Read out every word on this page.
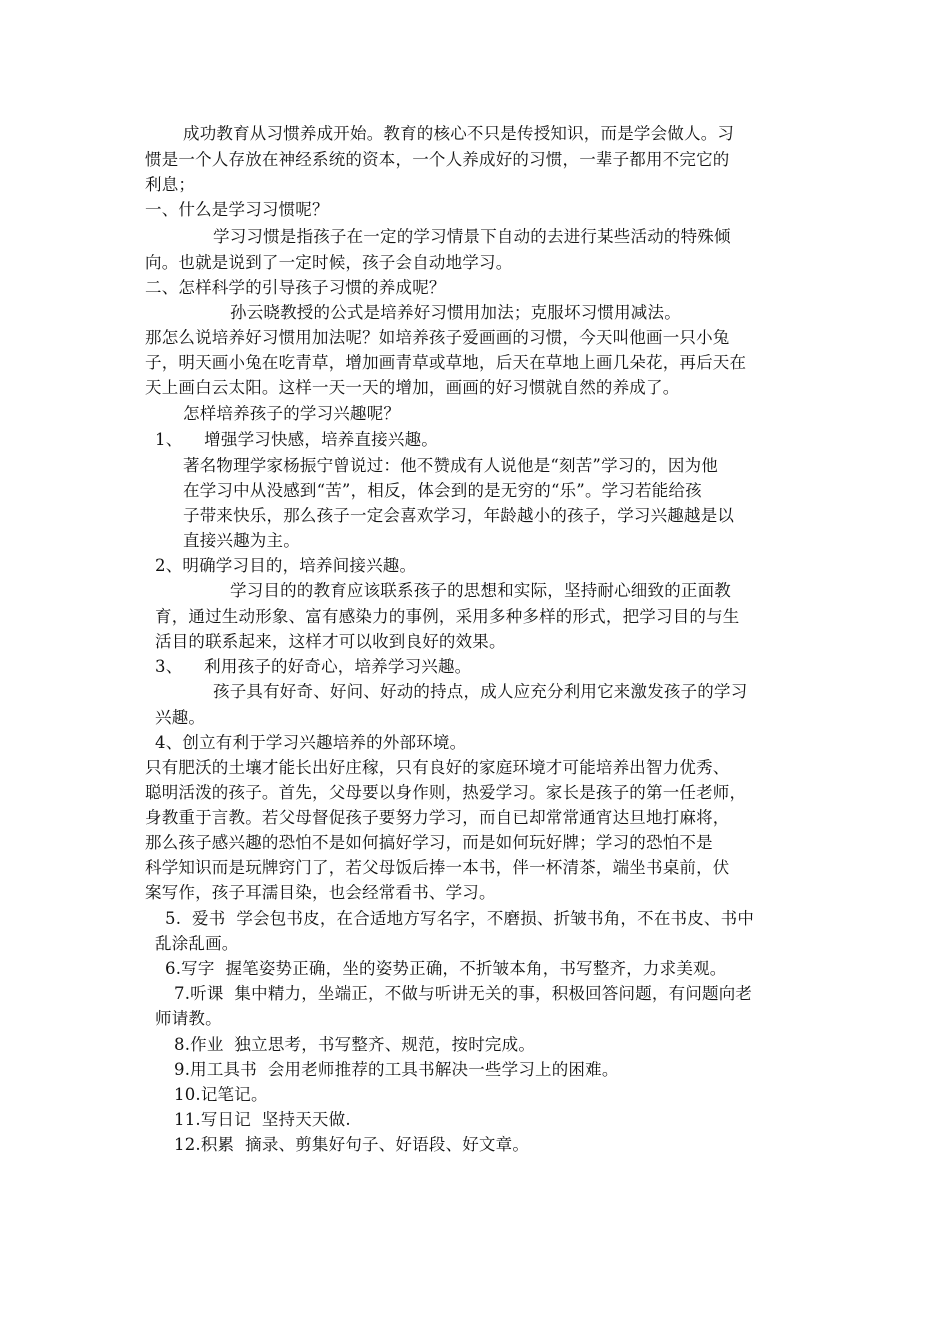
成功教育从习惯养成开始。教育的核心不只是传授知识，而是学会做人。习
惯是一个人存放在神经系统的资本，一个人养成好的习惯，一辈子都用不完它的
利息；
一、什么是学习习惯呢？
学习习惯是指孩子在一定的学习情景下自动的去进行某些活动的特殊倾
向。也就是说到了一定时候，孩子会自动地学习。
二、怎样科学的引导孩子习惯的养成呢？
孙云晓教授的公式是培养好习惯用加法；克服坏习惯用减法。
那怎么说培养好习惯用加法呢？如培养孩子爱画画的习惯，今天叫他画一只小兔
子，明天画小兔在吃青草，增加画青草或草地，后天在草地上画几朵花，再后天在
天上画白云太阳。这样一天一天的增加，画画的好习惯就自然的养成了。
怎样培养孩子的学习兴趣呢？
1、    增强学习快感，培养直接兴趣。
著名物理学家杨振宁曾说过：他不赞成有人说他是“刻苦”学习的，因为他
在学习中从没感到“苦”，相反，体会到的是无穷的“乐”。学习若能给孩
子带来快乐，那么孩子一定会喜欢学习，年龄越小的孩子，学习兴趣越是以
直接兴趣为主。
2、明确学习目的，培养间接兴趣。
学习目的的教育应该联系孩子的思想和实际，坚持耐心细致的正面教
育，通过生动形象、富有感染力的事例，采用多种多样的形式，把学习目的与生
活目的联系起来，这样才可以收到良好的效果。
3、    利用孩子的好奇心，培养学习兴趣。
孩子具有好奇、好问、好动的持点，成人应充分利用它来激发孩子的学习
兴趣。
4、创立有利于学习兴趣培养的外部环境。
只有肥沃的土壤才能长出好庄稼，只有良好的家庭环境才可能培养出智力优秀、
聪明活泼的孩子。首先，父母要以身作则，热爱学习。家长是孩子的第一任老师，
身教重于言教。若父母督促孩子要努力学习，而自已却常常通宵达旦地打麻将，
那么孩子感兴趣的恐怕不是如何搞好学习，而是如何玩好牌；学习的恐怕不是
科学知识而是玩牌窍门了，若父母饭后捧一本书，伴一杯清茶，端坐书桌前，伏
案写作，孩子耳濡目染，也会经常看书、学习。
5.  爱书  学会包书皮，在合适地方写名字，不磨损、折皱书角，不在书皮、书中
乱涂乱画。
6.写字  握笔姿势正确，坐的姿势正确，不折皱本角，书写整齐，力求美观。
7.听课  集中精力，坐端正，不做与听讲无关的事，积极回答问题，有问题向老
师请教。
8.作业  独立思考，书写整齐、规范，按时完成。
9.用工具书  会用老师推荐的工具书解决一些学习上的困难。
10.记笔记。
11.写日记  坚持天天做.
12.积累  摘录、剪集好句子、好语段、好文章。
